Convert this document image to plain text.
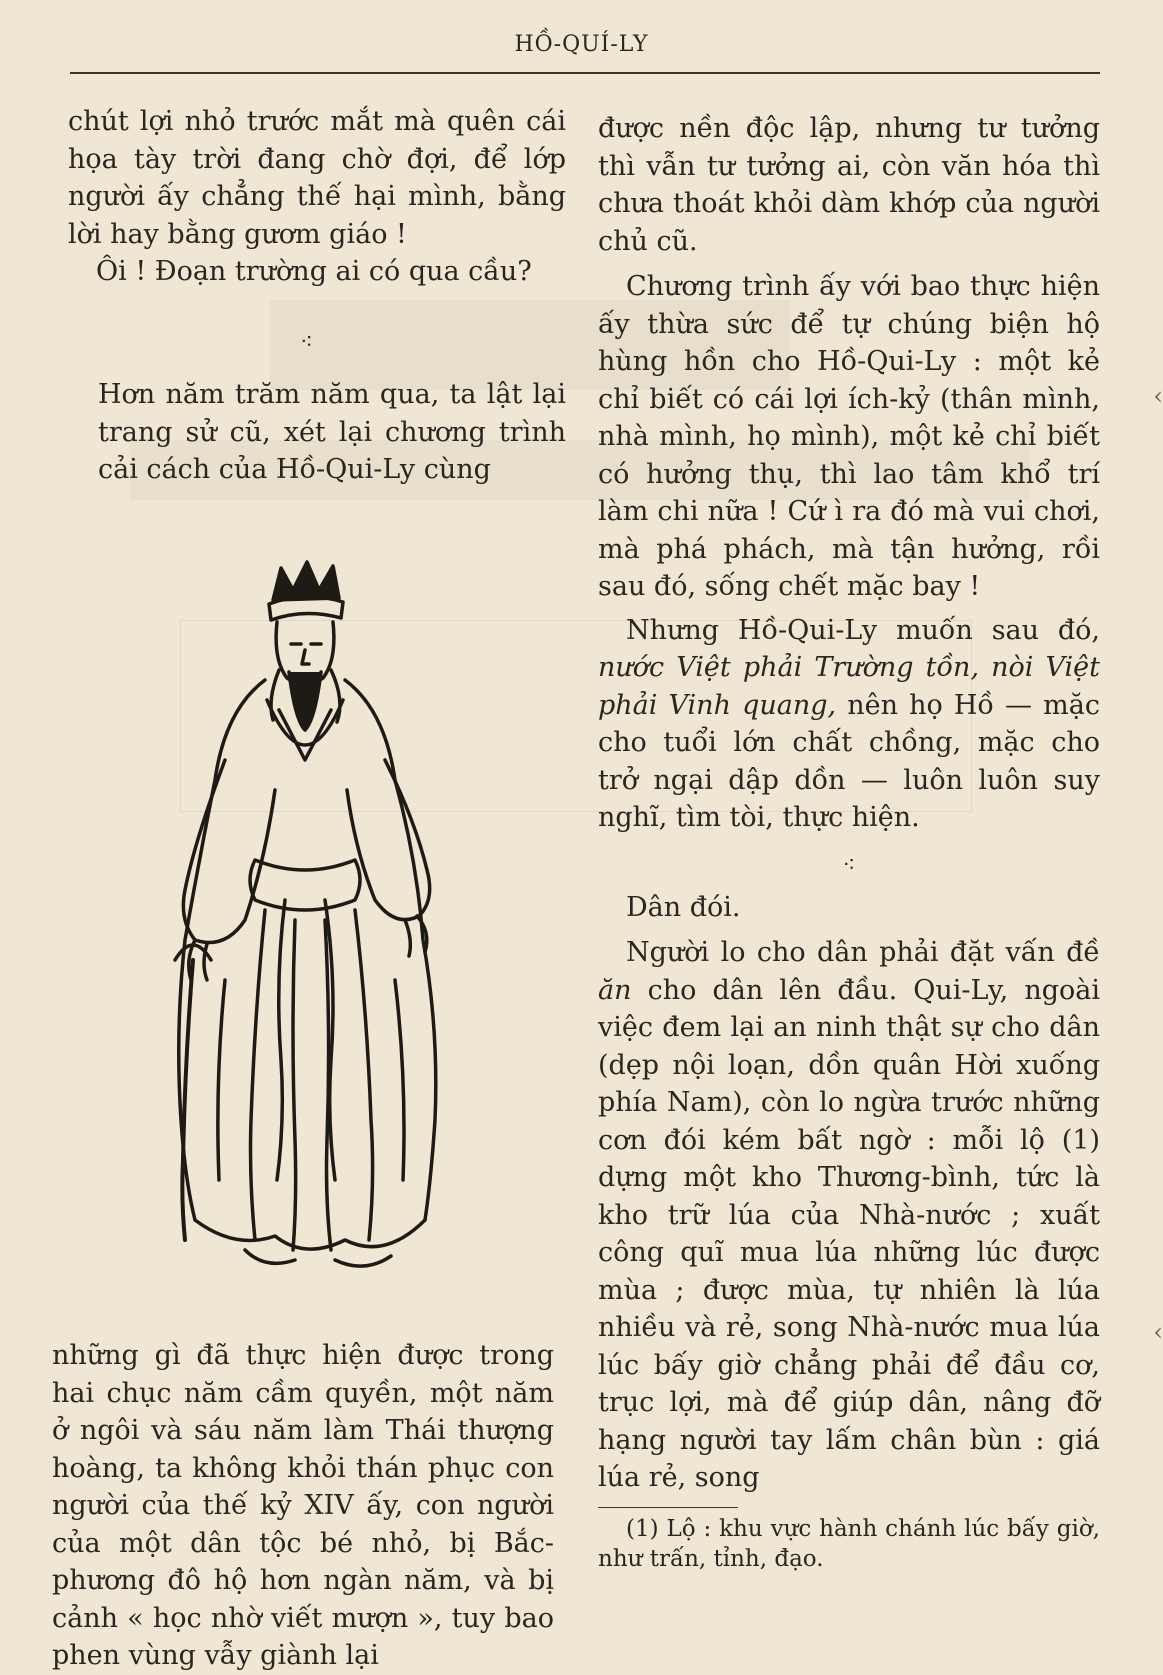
HỒ-QUÍ-LY

chút lợi nhỏ trước mắt mà quên cái họa tày trời đang chờ đợi, để lớp người ấy chẳng thế hại mình, bằng lời hay bằng gươm giáo !

Ôi ! Đoạn trường ai có qua cầu?

⁖

Hơn năm trăm năm qua, ta lật lại trang sử cũ, xét lại chương trình cải cách của Hồ-Qui-Ly cùng

những gì đã thực hiện được trong hai chục năm cầm quyền, một năm ở ngôi và sáu năm làm Thái thượng hoàng, ta không khỏi thán phục con người của thế kỷ XIV ấy, con người của một dân tộc bé nhỏ, bị Bắc-phương đô hộ hơn ngàn năm, và bị cảnh « học nhờ viết mượn », tuy bao phen vùng vẫy giành lại

được nền độc lập, nhưng tư tưởng thì vẫn tư tưởng ai, còn văn hóa thì chưa thoát khỏi dàm khớp của người chủ cũ.

Chương trình ấy với bao thực hiện ấy thừa sức để tự chúng biện hộ hùng hồn cho Hồ-Qui-Ly : một kẻ chỉ biết có cái lợi ích-kỷ (thân mình, nhà mình, họ mình), một kẻ chỉ biết có hưởng thụ, thì lao tâm khổ trí làm chi nữa ! Cứ ì ra đó mà vui chơi, mà phá phách, mà tận hưởng, rồi sau đó, sống chết mặc bay !

Nhưng Hồ-Qui-Ly muốn sau đó, nước Việt phải Trường tồn, nòi Việt phải Vinh quang, nên họ Hồ — mặc cho tuổi lớn chất chồng, mặc cho trở ngại dập dồn — luôn luôn suy nghĩ, tìm tòi, thực hiện.

⁖

Dân đói.

Người lo cho dân phải đặt vấn đề ăn cho dân lên đầu. Qui-Ly, ngoài việc đem lại an ninh thật sự cho dân (dẹp nội loạn, dồn quân Hời xuống phía Nam), còn lo ngừa trước những cơn đói kém bất ngờ : mỗi lộ (1) dựng một kho Thương-bình, tức là kho trữ lúa của Nhà-nước ; xuất công quĩ mua lúa những lúc được mùa ; được mùa, tự nhiên là lúa nhiều và rẻ, song Nhà-nước mua lúa lúc bấy giờ chẳng phải để đầu cơ, trục lợi, mà để giúp dân, nâng đỡ hạng người tay lấm chân bùn : giá lúa rẻ, song

(1) Lộ : khu vực hành chánh lúc bấy giờ, như trấn, tỉnh, đạo.

‹
‹
